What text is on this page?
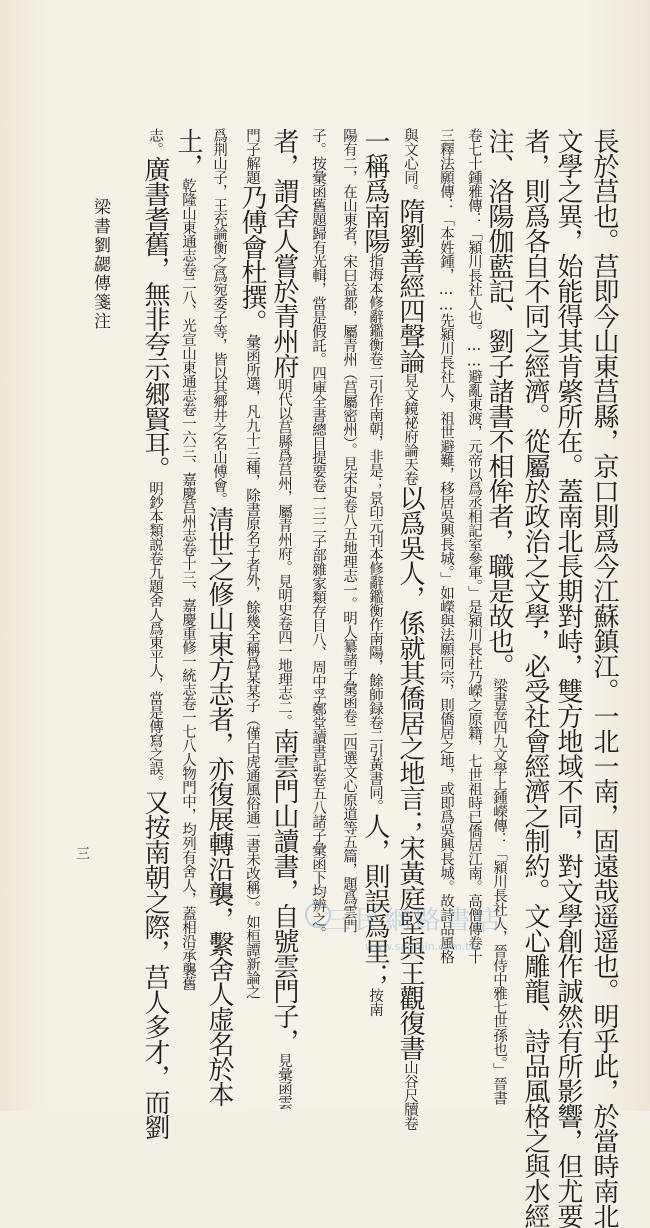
梁書劉勰傳箋注
三	長於莒也。莒即今山東莒縣，京口則爲今江蘇鎮江。一北一南，固遠哉遥遥也。明乎此，於當時南北
文學之異，始能得其肯綮所在。蓋南北長期對峙，雙方地域不同，對文學創作誠然有所影響，但尤要
者，則爲各自不同之經濟。從屬於政治之文學，必受社會經濟之制約。文心雕龍、詩品風格之與水經
注、洛陽伽藍記、劉子諸書不相侔者，職是故也。梁書卷四九文學上鍾嶸傳：「潁川長社人，晉侍中雅七世孫也。」晉書
卷七十鍾雅傳：「潁川長社人也。……避亂東渡，元帝以爲丞相記室參軍。」是潁川長社乃嶸之原籍，七世祖時已僑居江南。高僧傳卷十
三釋法願傳：「本姓鍾，……先潁川長社人，祖世避難，移居吳興長城。」如嶸與法願同宗，則僑居之地，或即爲吳興長城。故詩品風格
與文心同。隋劉善經四聲論見文鏡祕府論天卷以爲吳人，係就其僑居之地言；宋黃庭堅與王觀復書山谷尺牘卷
一稱爲南陽指海本修辭鑑衡卷二引作南朝，非是；景印元刊本修辭鑑衡作南陽，餘師録卷二引黃書同。人，則誤爲里；按南
陽有二，在山東者，宋曰益都，屬青州（莒屬密州）。見宋史卷八五地理志一。明人纂諸子彙函卷二四選文心原道等五篇，題爲雲門
子。按彙函舊題歸有光輯，當是假託。四庫全書總目提要卷一三二子部雜家類存目八、周中孚鄭堂讀書記卷五八諸子彙函下均辨之。
者，謂舍人嘗於青州府明代以莒縣爲莒州，屬青州府。見明史卷四一地理志二。南雲門山讀書，自號雲門子，見彙函雲
門子解題乃傅會杜撰。彙函所選，凡九十三種，除書原名子者外，餘幾全稱爲某某子（僅白虎通風俗通二書未改稱）。如桓譚新論之
爲荆山子，王充論衡之爲宛委子等，皆以其郷井之名山傅會。清世之修山東方志者，亦復展轉沿襲，繫舍人虚名於本
土，乾隆山東通志卷二八、光宣山東通志卷一六三、嘉慶莒州志卷十三、嘉慶重修一統志卷一七八人物門中，均列有舍人，蓋相沿承襲舊
志。廣書耆舊，無非夸示郷賢耳。明鈔本類説卷九題舍人爲東平人，當是傳寫之誤。又按南朝之際，莒人多才，而劉	三民網路書店
www.sanmin.com.tw
